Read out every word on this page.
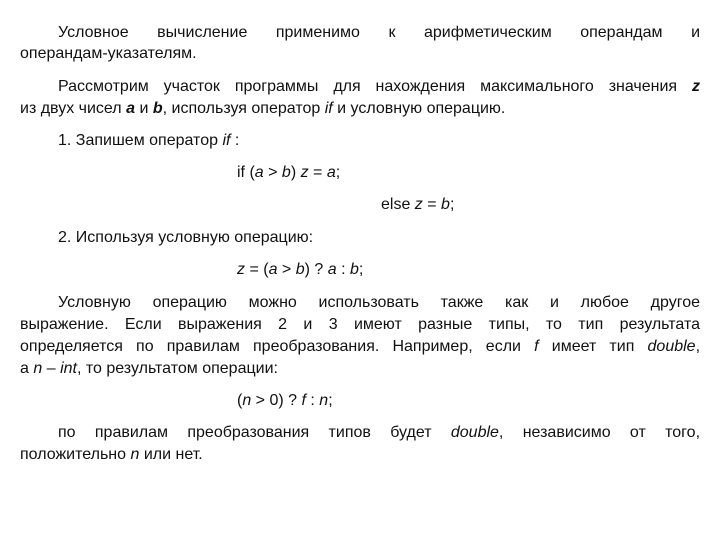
Условное вычисление применимо к арифметическим операндам и
операндам-указателям.
Рассмотрим участок программы для нахождения максимального значения z
из двух чисел a и b, используя оператор if и условную операцию.
1. Запишем оператор if :
if (a > b) z = a;
else z = b;
2. Используя условную операцию:
z = (a > b) ? a : b;
Условную операцию можно использовать также как и любое другое
выражение. Если выражения 2 и 3 имеют разные типы, то тип результата
определяется по правилам преобразования. Например, если f имеет тип double,
а n – int, то результатом операции:
(n > 0) ? f : n;
по правилам преобразования типов будет double, независимо от того,
положительно n или нет.
